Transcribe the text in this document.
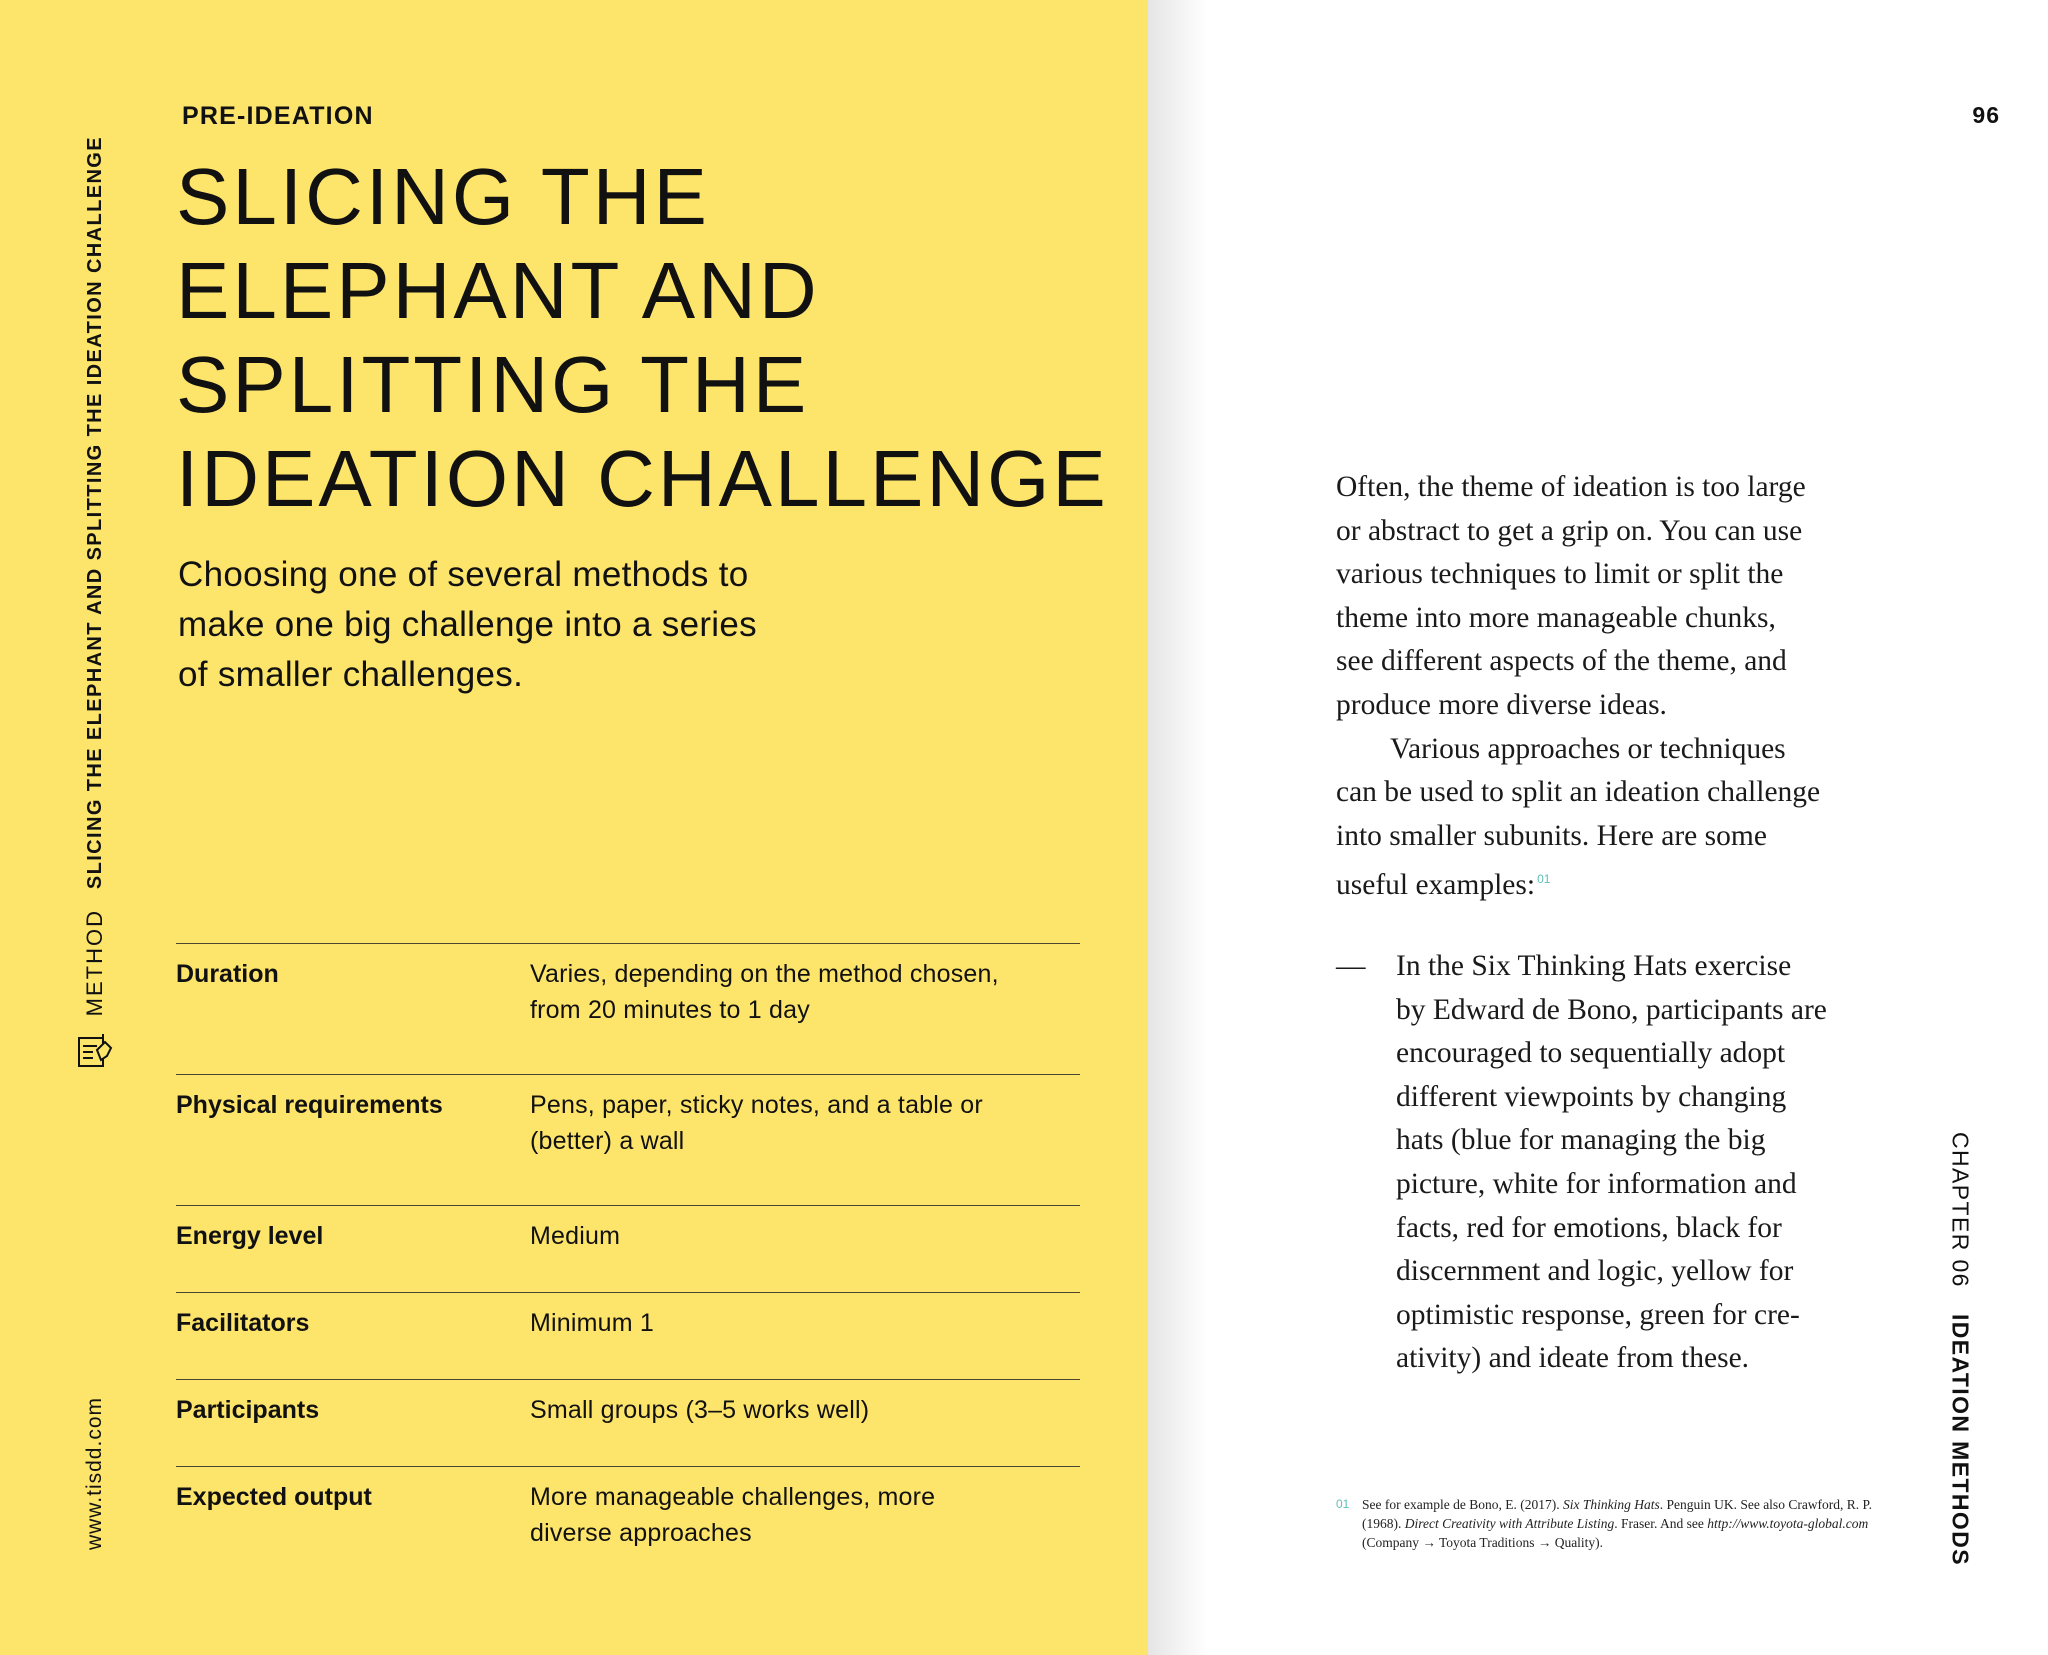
METHOD
SLICING THE ELEPHANT AND SPLITTING THE IDEATION CHALLENGE
www.tisdd.com
PRE-IDEATION
SLICING THE
ELEPHANT AND
SPLITTING THE
IDEATION CHALLENGE
Choosing one of several methods to
make one big challenge into a series
of smaller challenges.
Duration	Varies, depending on the method chosen,
from 20 minutes to 1 day
Physical requirements	Pens, paper, sticky notes, and a table or
(better) a wall
Energy level	Medium
Facilitators	Minimum 1
Participants	Small groups (3–5 works well)
Expected output	More manageable challenges, more
diverse approaches
96

Often, the theme of ideation is too large
or abstract to get a grip on. You can use
various techniques to limit or split the
theme into more manageable chunks,
see different aspects of the theme, and
produce more diverse ideas.

Various approaches or techniques
can be used to split an ideation challenge
into smaller subunits. Here are some
useful examples: $^{01}$

—	In the Six Thinking Hats exercise
by Edward de Bono, participants are
encouraged to sequentially adopt
different viewpoints by changing
hats (blue for managing the big
picture, white for information and
facts, red for emotions, black for
discernment and logic, yellow for
optimistic response, green for cre-
ativity) and ideate from these.
01 See for example de Bono, E. (2017). Six Thinking Hats. Penguin UK. See also Crawford, R. P. (1968). Direct Creativity with Attribute Listing. Fraser. And see http://www.toyota-global.com (Company → Toyota Traditions → Quality).
CHAPTER 06IDEATION METHODS
